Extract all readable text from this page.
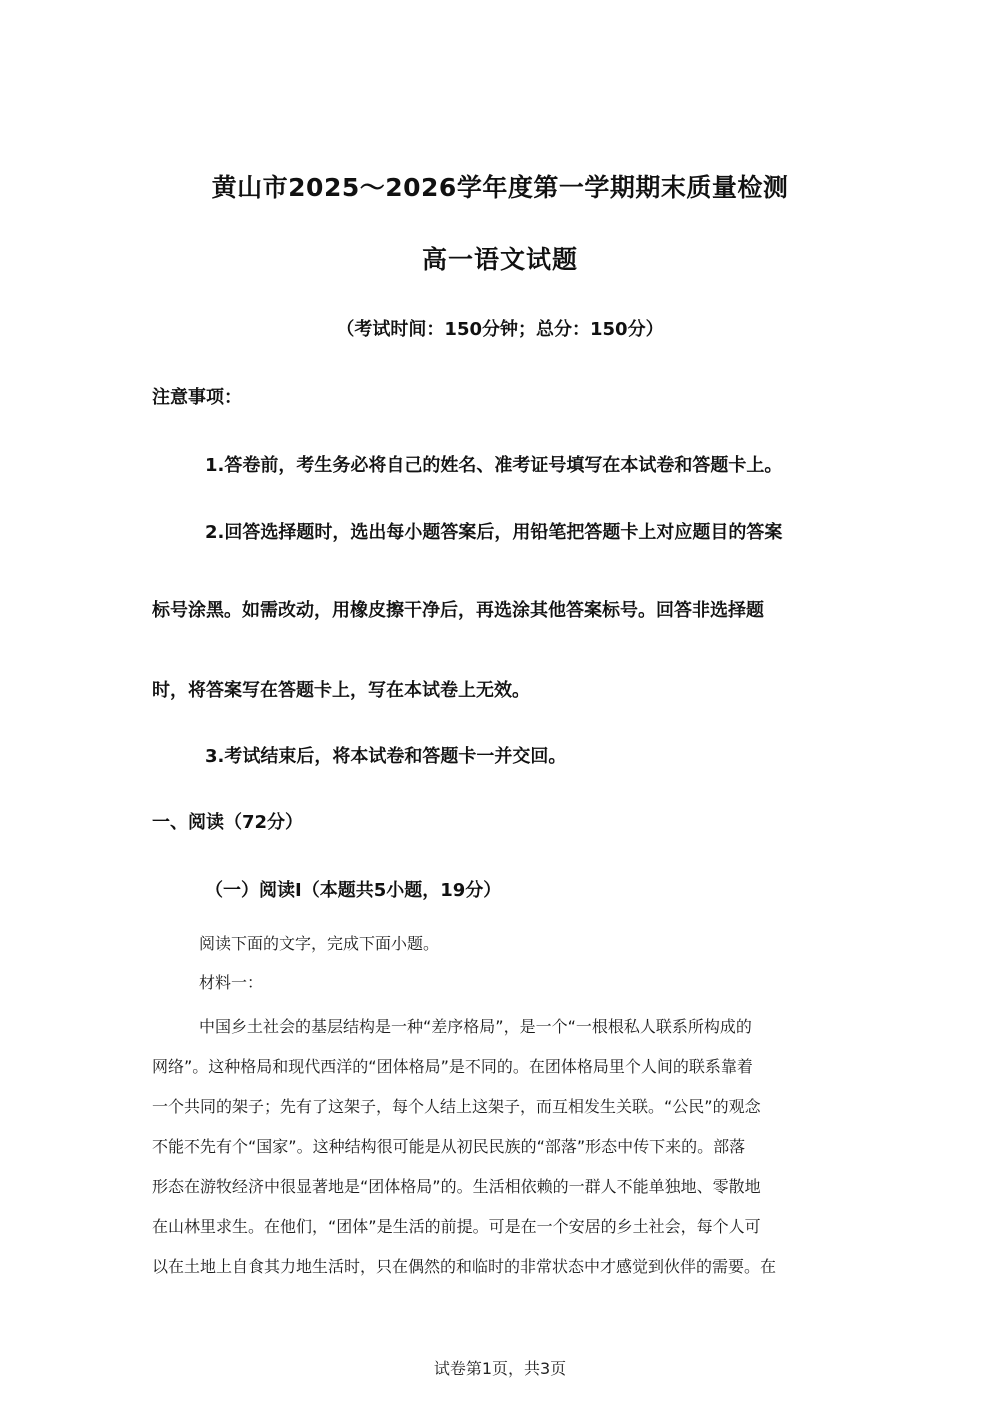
黄山市2025～2026学年度第一学期期末质量检测
高一语文试题

（考试时间：150分钟；总分：150分）

注意事项：

1.答卷前，考生务必将自己的姓名、准考证号填写在本试卷和答题卡上。

2.回答选择题时，选出每小题答案后，用铅笔把答题卡上对应题目的答案

标号涂黑。如需改动，用橡皮擦干净后，再选涂其他答案标号。回答非选择题

时，将答案写在答题卡上，写在本试卷上无效。

3.考试结束后，将本试卷和答题卡一并交回。

一、阅读（72分）

（一）阅读I（本题共5小题，19分）

阅读下面的文字，完成下面小题。

材料一：

中国乡土社会的基层结构是一种“差序格局”，是一个“一根根私人联系所构成的
网络”。这种格局和现代西洋的“团体格局”是不同的。在团体格局里个人间的联系靠着
一个共同的架子；先有了这架子，每个人结上这架子，而互相发生关联。“公民”的观念
不能不先有个“国家”。这种结构很可能是从初民民族的“部落”形态中传下来的。部落
形态在游牧经济中很显著地是“团体格局”的。生活相依赖的一群人不能单独地、零散地
在山林里求生。在他们，“团体”是生活的前提。可是在一个安居的乡土社会，每个人可
以在土地上自食其力地生活时，只在偶然的和临时的非常状态中才感觉到伙伴的需要。在

试卷第1页，共3页
